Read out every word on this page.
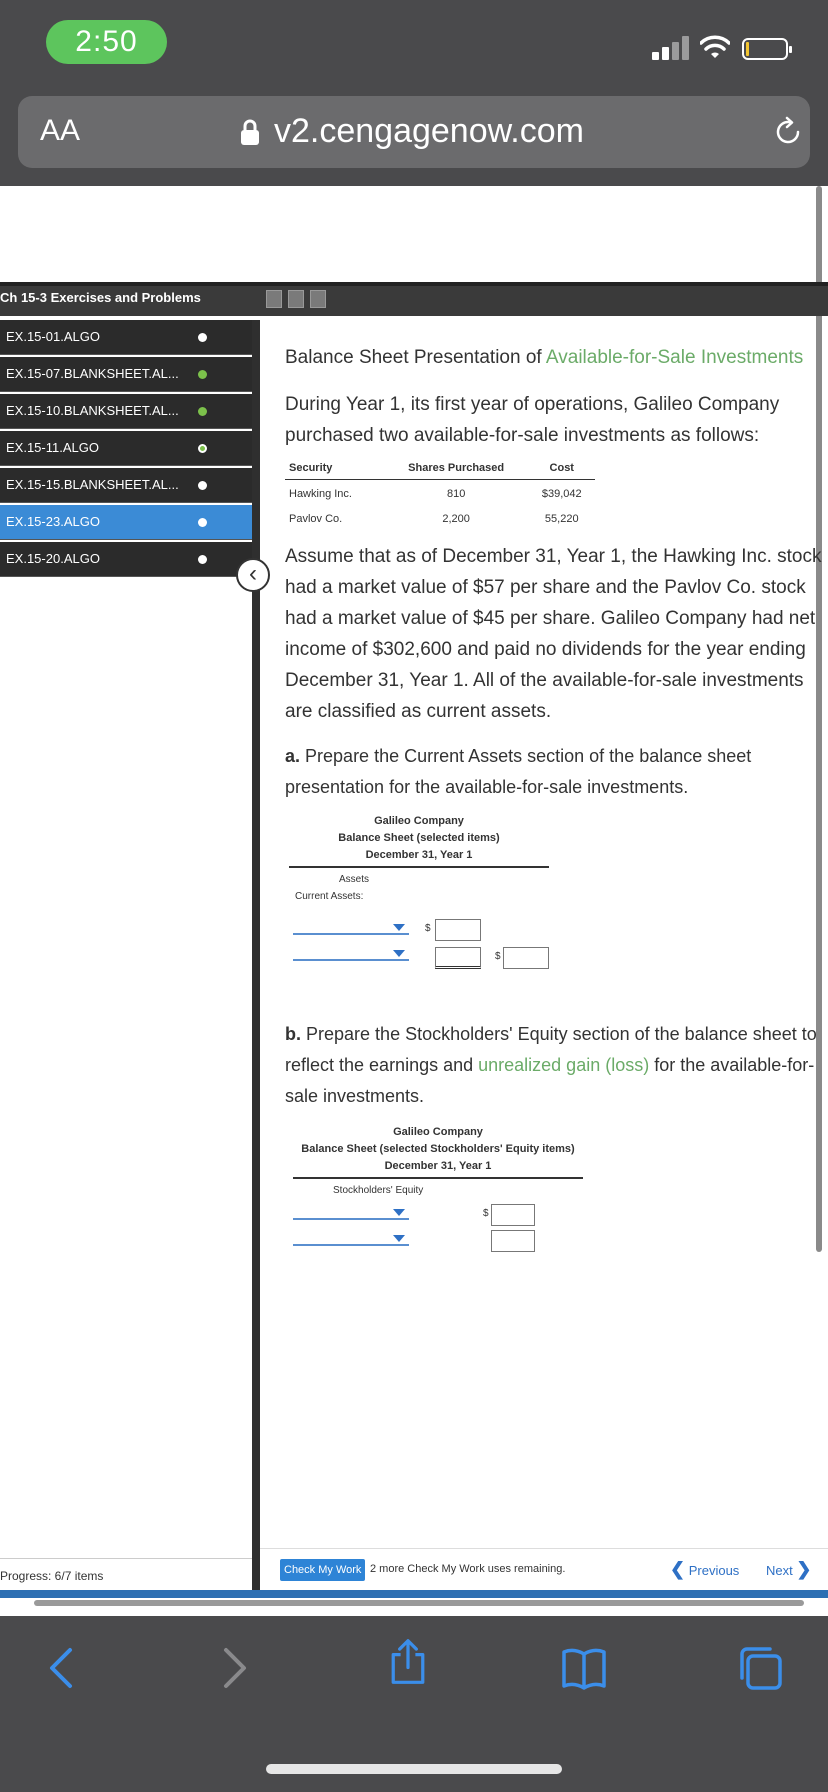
2:50
AA	v2.cengagenow.com
Ch 15-3 Exercises and Problems
EX.15-01.ALGO
EX.15-07.BLANKSHEET.AL...
EX.15-10.BLANKSHEET.AL...
EX.15-11.ALGO
EX.15-15.BLANKSHEET.AL...
EX.15-23.ALGO
EX.15-20.ALGO
‹
Balance Sheet Presentation of Available-for-Sale Investments
During Year 1, its first year of operations, Galileo Company purchased two available-for-sale investments as follows:
Security	Shares Purchased	Cost
Hawking Inc.	810	$39,042
Pavlov Co.	2,200	55,220
Assume that as of December 31, Year 1, the Hawking Inc. stock had a market value of $57 per share and the Pavlov Co. stock had a market value of $45 per share. Galileo Company had net income of $302,600 and paid no dividends for the year ending December 31, Year 1. All of the available-for-sale investments are classified as current assets.
a. Prepare the Current Assets section of the balance sheet presentation for the available-for-sale investments.
Galileo Company
Balance Sheet (selected items)
December 31, Year 1
Assets
Current Assets:
$
$
b. Prepare the Stockholders' Equity section of the balance sheet to reflect the earnings and unrealized gain (loss) for the available-for-sale investments.
Galileo Company
Balance Sheet (selected Stockholders' Equity items)
December 31, Year 1
Stockholders' Equity
$
Progress: 6/7 items	Check My Work 2 more Check My Work uses remaining.	❮ Previous Next ❯
